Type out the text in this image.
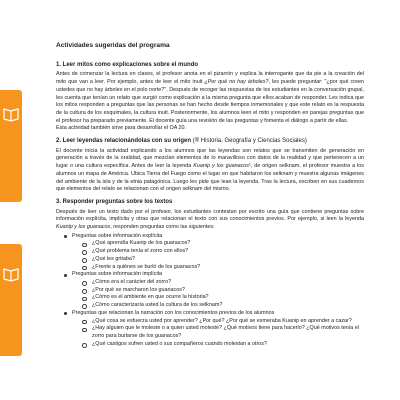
Actividades sugeridas del programa
1. Leer mitos como explicaciones sobre el mundo

Antes de comenzar la lectura en clases, el profesor anota en el pizarrón y explica la interrogante que da pie a la creación del mito que van a leer. Por ejemplo, antes de leer el mito inuit ¿Por qué no hay árboles?, les puede preguntar: "¿por qué creen ustedes que no hay árboles en el polo norte?". Después de recoger las respuestas de los estudiantes en la conversación grupal, les cuenta que tenían un relato que surgió como explicación a la misma pregunta que ellos acaban de responder. Les indica que los mitos responden a preguntas que las personas se han hecho desde tiempos inmemoriales y que este relato es la respuesta de la cultura de los esquimales, la cultura inuit. Posteriormente, los alumnos leen el mito y responden en parejas preguntas que el profesor ha preparado previamente. El docente guía una revisión de las preguntas y fomenta el diálogo a partir de ellas.

Esta actividad también sirve para desarrollar el OA 20.

2. Leer leyendas relacionándolas con su origen (® Historia, Geografía y Ciencias Sociales)

El docente inicia la actividad explicando a los alumnos que las leyendas son relatos que se transmiten de generación en generación a través de la oralidad, que mezclan elementos de lo maravilloso con datos de la realidad y que pertenecen a un lugar o una cultura específica. Antes de leer la leyenda Kuanip y los guanacos¹, de origen selknam, el profesor muestra a los alumnos un mapa de América. Ubica Tierra del Fuego como el lugar en que habitaron los selknam y muestra algunas imágenes del ambiente de la isla y de la etnia patagónica. Luego les pide que lean la leyenda. Tras la lectura, escriben en sus cuadernos que elementos del relato se relacionan con el origen selknam del mismo.

3. Responder preguntas sobre los textos

Después de leer un texto dado por el profesor, los estudiantes contestan por escrito una guía que contiene preguntas sobre información explícita, implícita y otras que relacionan el texto con sus conocimientos previos. Por ejemplo, si leen la leyenda Kuanip y los guanacos, responden preguntas como las siguientes:

Preguntas sobre información explícita
¿Qué aprendía Kuanip de los guanacos?
¿Qué problema tenía el zorro con ellos?
¿Qué les gritaba?
¿Frente a quiénes se burló de los guanacos?
Preguntas sobre información implícita
¿Cómo era el carácter del zorro?
¿Por qué se marcharon los guanacos?
¿Cómo es el ambiente en que ocurre la historia?
¿Cómo caracterizaría usted la cultura de los selknam?
Preguntas que relacionan la narración con los conocimientos previos de los alumnos
¿Qué cosa se esfuerza usted por aprender? ¿Por qué? ¿Por qué se esmeraba Kuanip en aprender a cazar?
¿Hay alguien que le moleste o a quien usted moleste? ¿Qué motivos tiene para hacerlo? ¿Qué motivos tenía el zorro para burlarse de los guanacos?
¿Qué castigos sufren usted o sus compañeros cuando molestan a otros?
